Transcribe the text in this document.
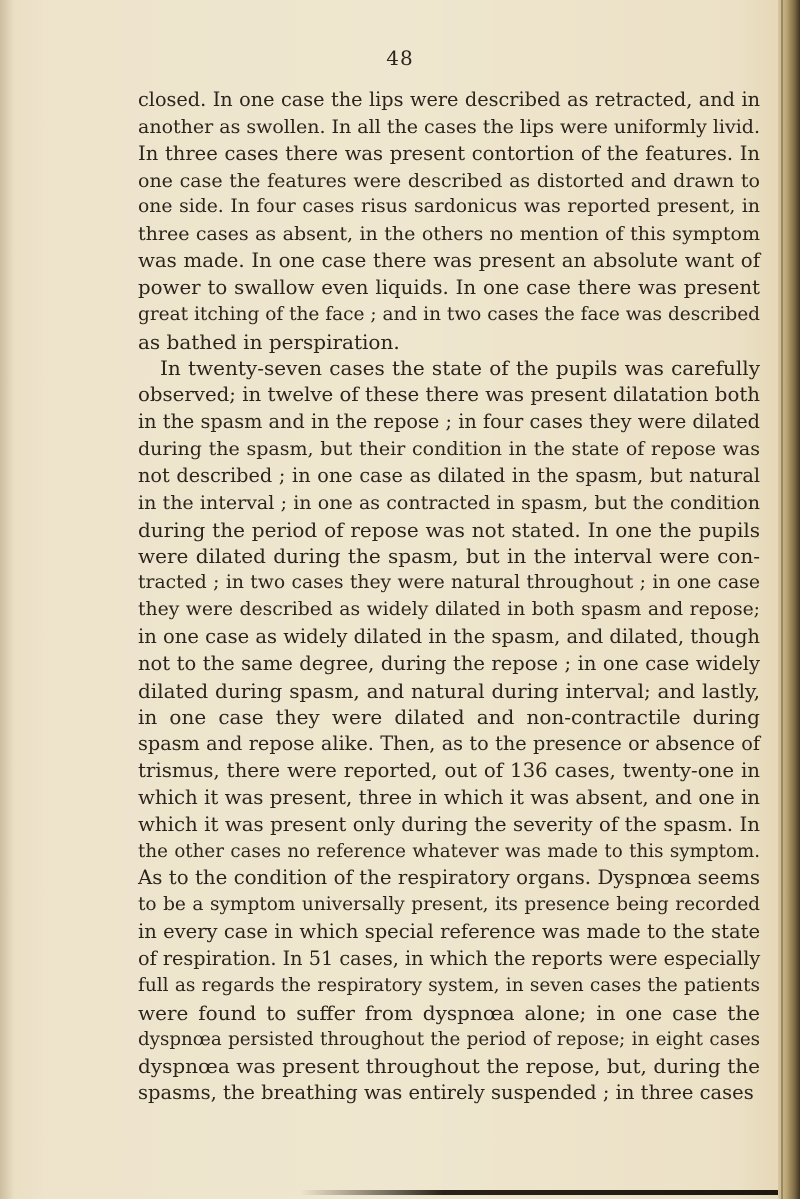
48
closed. In one case the lips were described as retracted, and in
another as swollen. In all the cases the lips were uniformly livid.
In three cases there was present contortion of the features. In
one case the features were described as distorted and drawn to
one side. In four cases risus sardonicus was reported present, in
three cases as absent, in the others no mention of this symptom
was made. In one case there was present an absolute want of
power to swallow even liquids. In one case there was present
great itching of the face ; and in two cases the face was described
as bathed in perspiration.
In twenty-seven cases the state of the pupils was carefully
observed; in twelve of these there was present dilatation both
in the spasm and in the repose ; in four cases they were dilated
during the spasm, but their condition in the state of repose was
not described ; in one case as dilated in the spasm, but natural
in the interval ; in one as contracted in spasm, but the condition
during the period of repose was not stated. In one the pupils
were dilated during the spasm, but in the interval were con-
tracted ; in two cases they were natural throughout ; in one case
they were described as widely dilated in both spasm and repose;
in one case as widely dilated in the spasm, and dilated, though
not to the same degree, during the repose ; in one case widely
dilated during spasm, and natural during interval; and lastly,
in one case they were dilated and non-contractile during
spasm and repose alike. Then, as to the presence or absence of
trismus, there were reported, out of 136 cases, twenty-one in
which it was present, three in which it was absent, and one in
which it was present only during the severity of the spasm. In
the other cases no reference whatever was made to this symptom.
As to the condition of the respiratory organs. Dyspnœa seems
to be a symptom universally present, its presence being recorded
in every case in which special reference was made to the state
of respiration. In 51 cases, in which the reports were especially
full as regards the respiratory system, in seven cases the patients
were found to suffer from dyspnœa alone; in one case the
dyspnœa persisted throughout the period of repose; in eight cases
dyspnœa was present throughout the repose, but, during the
spasms, the breathing was entirely suspended ; in three cases
